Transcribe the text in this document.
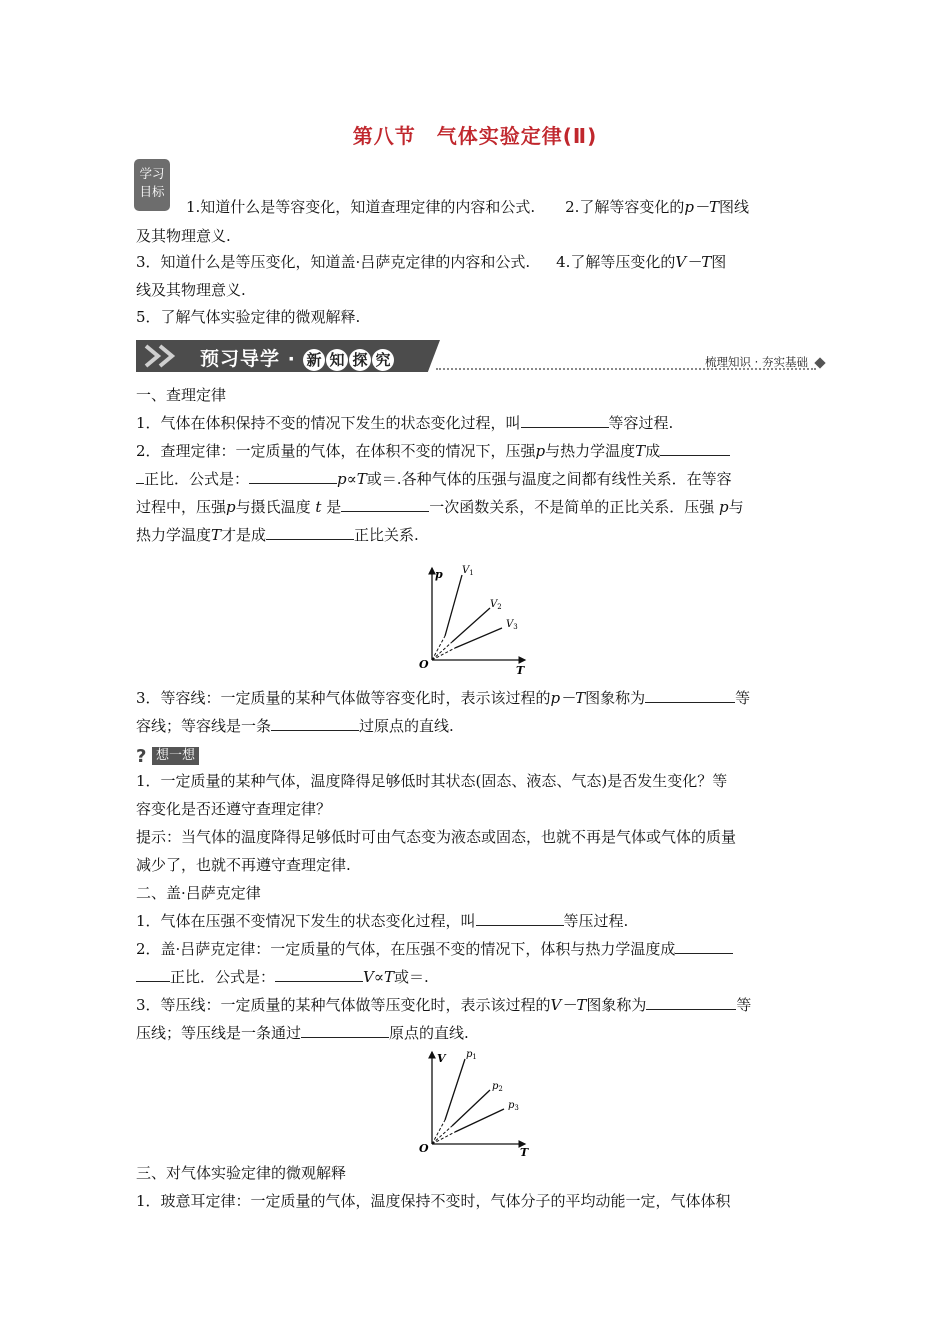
第八节　气体实验定律(Ⅱ)
学习
目标
1.知道什么是等容变化，知道查理定律的内容和公式. 2.了解等容变化的p－T图线
及其物理意义.
3．知道什么是等压变化，知道盖·吕萨克定律的内容和公式. 4.了解等压变化的V－T图
线及其物理意义.
5．了解气体实验定律的微观解释.
预习导学 · 新 知 探 究	梳理知识 · 夯实基础
一、查理定律
1．气体在体积保持不变的情况下发生的状态变化过程，叫	等容过程.
2．查理定律：一定质量的气体，在体积不变的情况下，压强p与热力学温度T成
正比．公式是：	p∝T或＝.各种气体的压强与温度之间都有线性关系．在等容
过程中，压强p与摄氏温度 t 是	一次函数关系，不是简单的正比关系．压强 p与
热力学温度T才是成	正比关系.
p
T
O
$V_1$
$V_2$
$V_3$
3．等容线：一定质量的某种气体做等容变化时，表示该过程的p－T图象称为	等
容线；等容线是一条	过原点的直线.
? 想一想
1．一定质量的某种气体，温度降得足够低时其状态(固态、液态、气态)是否发生变化？等
容变化是否还遵守查理定律？
提示：当气体的温度降得足够低时可由气态变为液态或固态，也就不再是气体或气体的质量
减少了，也就不再遵守查理定律.
二、盖·吕萨克定律
1．气体在压强不变情况下发生的状态变化过程，叫	等压过程.
2．盖·吕萨克定律：一定质量的气体，在压强不变的情况下，体积与热力学温度成
正比．公式是：	V∝T或＝.
3．等压线：一定质量的某种气体做等压变化时，表示该过程的V－T图象称为	等
压线；等压线是一条通过	原点的直线.
V
T
O
$p_1$
$p_2$
$p_3$
三、对气体实验定律的微观解释
1．玻意耳定律：一定质量的气体，温度保持不变时，气体分子的平均动能一定，气体体积
